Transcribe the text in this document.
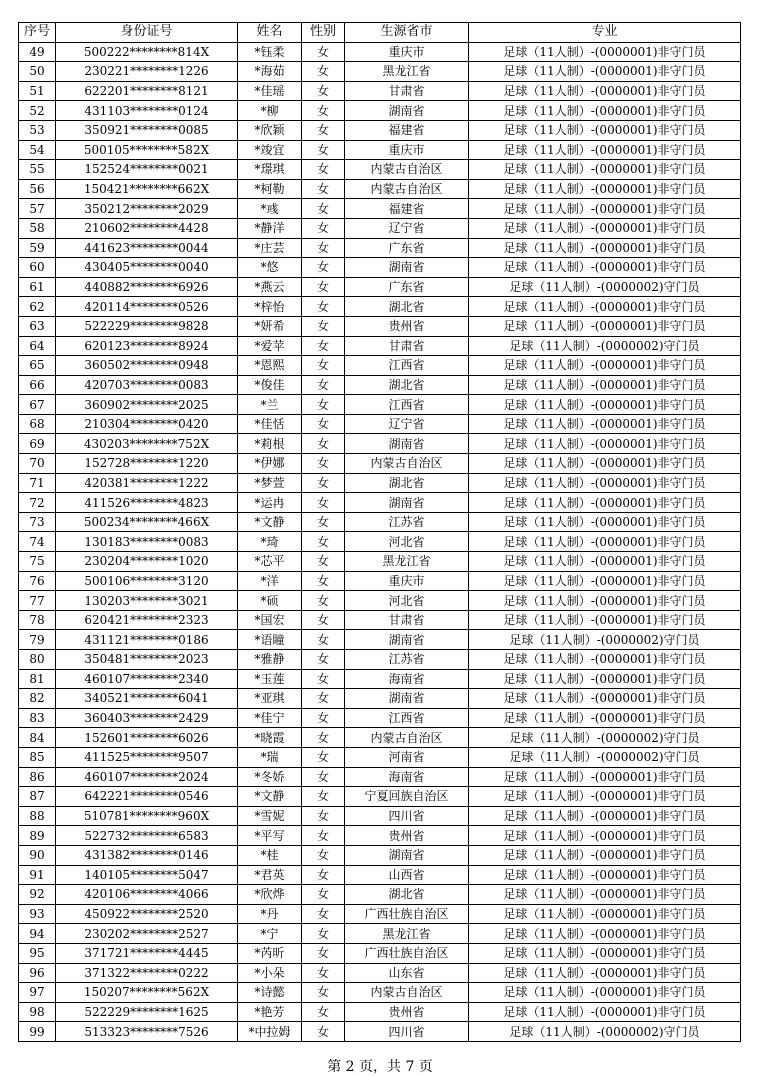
序号	身份证号	姓名	性别	生源省市	专业
49	500222********814X	*钰柔	女	重庆市	足球（11人制）-(0000001)非守门员
50	230221********1226	*海茹	女	黑龙江省	足球（11人制）-(0000001)非守门员
51	622201********8121	*佳瑶	女	甘肃省	足球（11人制）-(0000001)非守门员
52	431103********0124	*柳	女	湖南省	足球（11人制）-(0000001)非守门员
53	350921********0085	*欣颖	女	福建省	足球（11人制）-(0000001)非守门员
54	500105********582X	*竣宜	女	重庆市	足球（11人制）-(0000001)非守门员
55	152524********0021	*璟琪	女	内蒙古自治区	足球（11人制）-(0000001)非守门员
56	150421********662X	*柯勒	女	内蒙古自治区	足球（11人制）-(0000001)非守门员
57	350212********2029	*彧	女	福建省	足球（11人制）-(0000001)非守门员
58	210602********4428	*静洋	女	辽宁省	足球（11人制）-(0000001)非守门员
59	441623********0044	*庄芸	女	广东省	足球（11人制）-(0000001)非守门员
60	430405********0040	*悠	女	湖南省	足球（11人制）-(0000001)非守门员
61	440882********6926	*燕云	女	广东省	足球（11人制）-(0000002)守门员
62	420114********0526	*梓怡	女	湖北省	足球（11人制）-(0000001)非守门员
63	522229********9828	*妍希	女	贵州省	足球（11人制）-(0000001)非守门员
64	620123********8924	*爱苹	女	甘肃省	足球（11人制）-(0000002)守门员
65	360502********0948	*恩熙	女	江西省	足球（11人制）-(0000001)非守门员
66	420703********0083	*俊佳	女	湖北省	足球（11人制）-(0000001)非守门员
67	360902********2025	*兰	女	江西省	足球（11人制）-(0000001)非守门员
68	210304********0420	*佳恬	女	辽宁省	足球（11人制）-(0000001)非守门员
69	430203********752X	*莉根	女	湖南省	足球（11人制）-(0000001)非守门员
70	152728********1220	*伊娜	女	内蒙古自治区	足球（11人制）-(0000001)非守门员
71	420381********1222	*梦萱	女	湖北省	足球（11人制）-(0000001)非守门员
72	411526********4823	*运冉	女	湖南省	足球（11人制）-(0000001)非守门员
73	500234********466X	*文静	女	江苏省	足球（11人制）-(0000001)非守门员
74	130183********0083	*琦	女	河北省	足球（11人制）-(0000001)非守门员
75	230204********1020	*芯平	女	黑龙江省	足球（11人制）-(0000001)非守门员
76	500106********3120	*洋	女	重庆市	足球（11人制）-(0000001)非守门员
77	130203********3021	*硕	女	河北省	足球（11人制）-(0000001)非守门员
78	620421********2323	*国宏	女	甘肃省	足球（11人制）-(0000001)非守门员
79	431121********0186	*语瞳	女	湖南省	足球（11人制）-(0000002)守门员
80	350481********2023	*雅静	女	江苏省	足球（11人制）-(0000001)非守门员
81	460107********2340	*玉莲	女	海南省	足球（11人制）-(0000001)非守门员
82	340521********6041	*亚琪	女	湖南省	足球（11人制）-(0000001)非守门员
83	360403********2429	*佳宁	女	江西省	足球（11人制）-(0000001)非守门员
84	152601********6026	*晓霞	女	内蒙古自治区	足球（11人制）-(0000002)守门员
85	411525********9507	*瑞	女	河南省	足球（11人制）-(0000002)守门员
86	460107********2024	*冬娇	女	海南省	足球（11人制）-(0000001)非守门员
87	642221********0546	*文静	女	宁夏回族自治区	足球（11人制）-(0000001)非守门员
88	510781********960X	*雪妮	女	四川省	足球（11人制）-(0000001)非守门员
89	522732********6583	*平写	女	贵州省	足球（11人制）-(0000001)非守门员
90	431382********0146	*桂	女	湖南省	足球（11人制）-(0000001)非守门员
91	140105********5047	*君英	女	山西省	足球（11人制）-(0000001)非守门员
92	420106********4066	*欣烨	女	湖北省	足球（11人制）-(0000001)非守门员
93	450922********2520	*丹	女	广西壮族自治区	足球（11人制）-(0000001)非守门员
94	230202********2527	*宁	女	黑龙江省	足球（11人制）-(0000001)非守门员
95	371721********4445	*芮昕	女	广西壮族自治区	足球（11人制）-(0000001)非守门员
96	371322********0222	*小朵	女	山东省	足球（11人制）-(0000001)非守门员
97	150207********562X	*诗懿	女	内蒙古自治区	足球（11人制）-(0000001)非守门员
98	522229********1625	*艳芳	女	贵州省	足球（11人制）-(0000001)非守门员
99	513323********7526	*中拉姆	女	四川省	足球（11人制）-(0000002)守门员
第 2 页，共 7 页
